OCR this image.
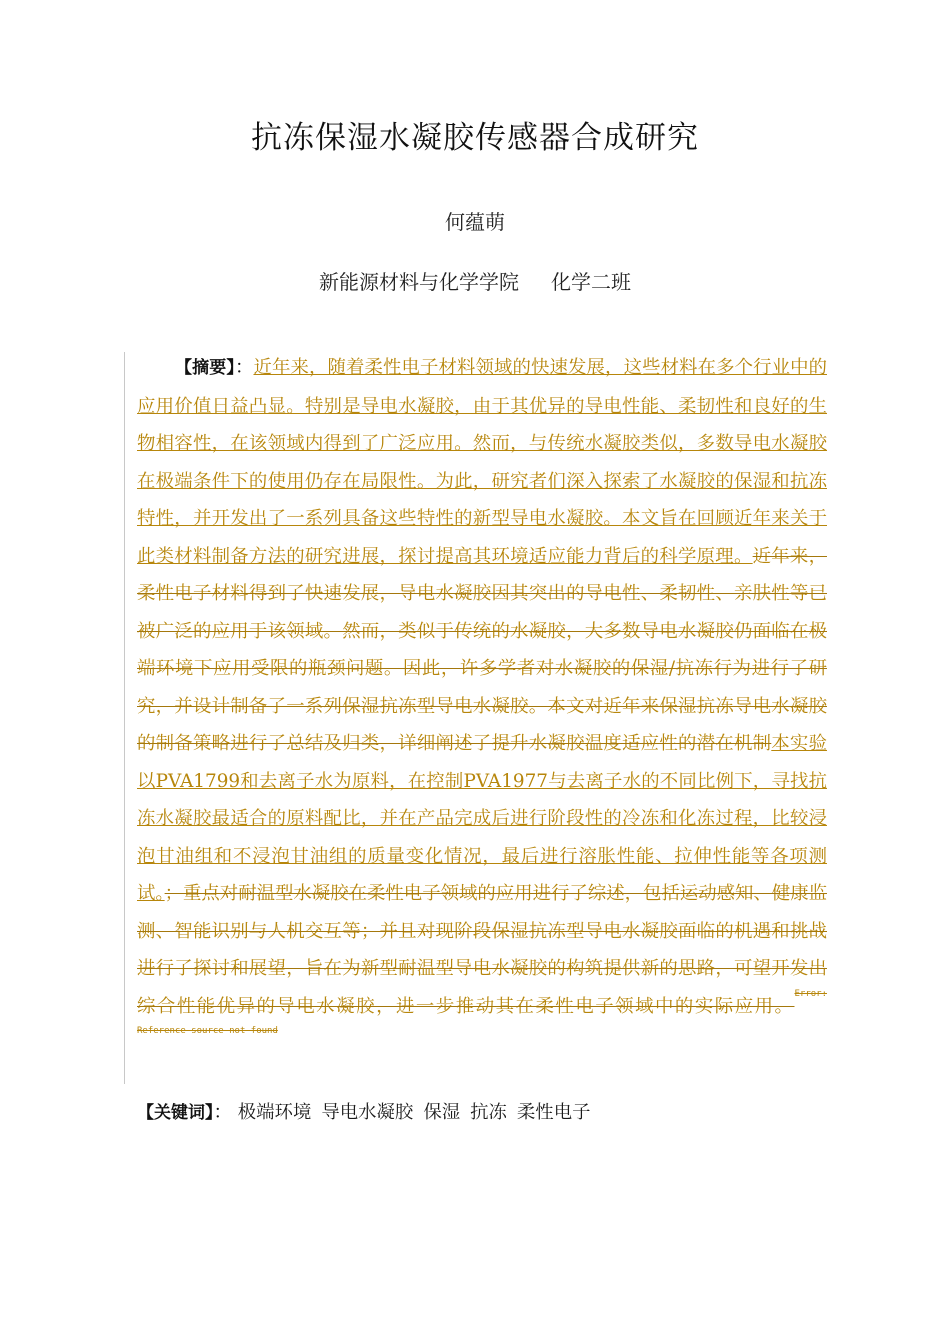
抗冻保湿水凝胶传感器合成研究
何蕴萌
新能源材料与化学学院 化学二班
【摘要】：近年来，随着柔性电子材料领域的快速发展，这些材料在多个行业中的应用价值日益凸显。特别是导电水凝胶，由于其优异的导电性能、柔韧性和良好的生物相容性，在该领域内得到了广泛应用。然而，与传统水凝胶类似，多数导电水凝胶在极端条件下的使用仍存在局限性。为此，研究者们深入探索了水凝胶的保湿和抗冻特性，并开发出了一系列具备这些特性的新型导电水凝胶。本文旨在回顾近年来关于此类材料制备方法的研究进展，探讨提高其环境适应能力背后的科学原理。近年来，柔性电子材料得到了快速发展，导电水凝胶因其突出的导电性、柔韧性、亲肤性等已被广泛的应用于该领域。然而，类似于传统的水凝胶，大多数导电水凝胶仍面临在极端环境下应用受限的瓶颈问题。因此，许多学者对水凝胶的保湿/抗冻行为进行了研究，并设计制备了一系列保湿抗冻型导电水凝胶。本文对近年来保湿抗冻导电水凝胶的制备策略进行了总结及归类，详细阐述了提升水凝胶温度适应性的潜在机制本实验以PVA1799和去离子水为原料，在控制PVA1977与去离子水的不同比例下，寻找抗冻水凝胶最适合的原料配比，并在产品完成后进行阶段性的冷冻和化冻过程，比较浸泡甘油组和不浸泡甘油组的质量变化情况，最后进行溶胀性能、拉伸性能等各项测试。；重点对耐温型水凝胶在柔性电子领域的应用进行了综述，包括运动感知、健康监测、智能识别与人机交互等；并且对现阶段保湿抗冻型导电水凝胶面临的机遇和挑战进行了探讨和展望，旨在为新型耐温型导电水凝胶的构筑提供新的思路，可望开发出综合性能优异的导电水凝胶，进一步推动其在柔性电子领域中的实际应用。$^{Error: Reference source not found}$
【关键词】： 极端环境 导电水凝胶 保湿 抗冻 柔性电子
